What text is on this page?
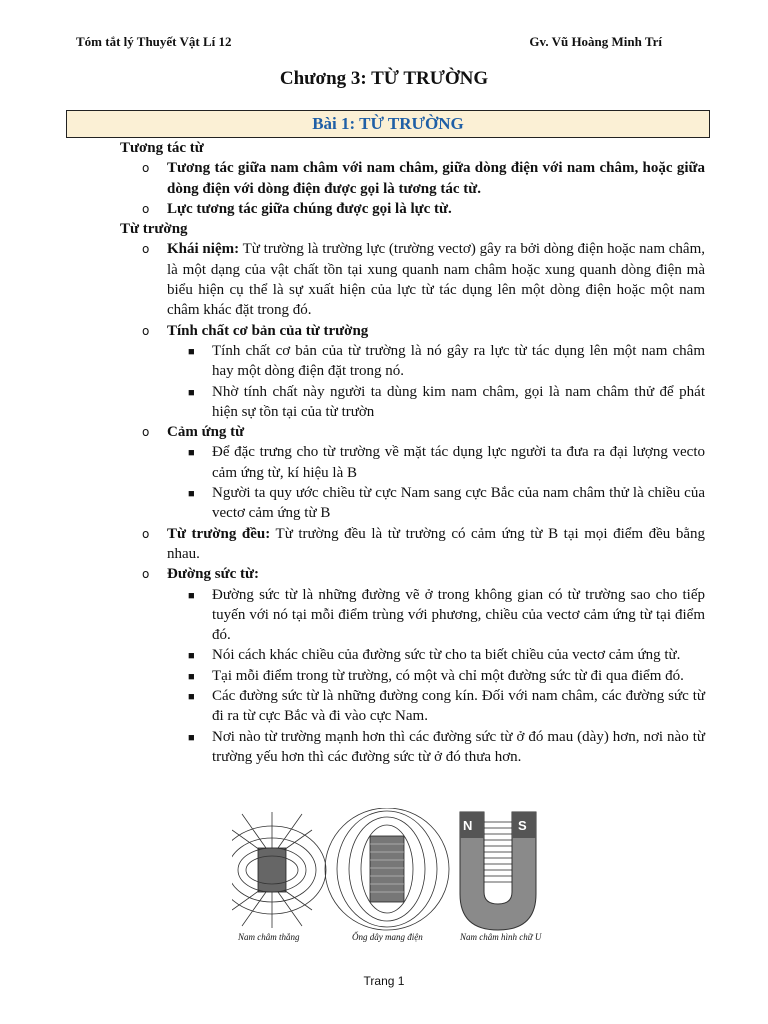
Tóm tắt lý Thuyết Vật Lí 12	Gv. Vũ Hoàng Minh Trí
Chương 3: TỪ TRƯỜNG
Bài 1: TỪ TRƯỜNG
Tương tác từ
o Tương tác giữa nam châm với nam châm, giữa dòng điện với nam châm, hoặc giữa dòng điện với dòng điện được gọi là tương tác từ.
o Lực tương tác giữa chúng được gọi là lực từ.
Từ trường
o Khái niệm: Từ trường là trường lực (trường vectơ) gây ra bởi dòng điện hoặc nam châm, là một dạng của vật chất tồn tại xung quanh nam châm hoặc xung quanh dòng điện mà biểu hiện cụ thể là sự xuất hiện của lực từ tác dụng lên một dòng điện hoặc một nam châm khác đặt trong đó.
o Tính chất cơ bản của từ trường
■ Tính chất cơ bản của từ trường là nó gây ra lực từ tác dụng lên một nam châm hay một dòng điện đặt trong nó.
■ Nhờ tính chất này người ta dùng kim nam châm, gọi là nam châm thử để phát hiện sự tồn tại của từ trườn
o Cảm ứng từ
■ Để đặc trưng cho từ trường về mặt tác dụng lực người ta đưa ra đại lượng vecto cảm ứng từ, kí hiệu là B
■ Người ta quy ước chiều từ cực Nam sang cực Bắc của nam châm thử là chiều của vectơ cảm ứng từ B
o Từ trường đều: Từ trường đều là từ trường có cảm ứng từ B tại mọi điểm đều bằng nhau.
o Đường sức từ:
■ Đường sức từ là những đường vẽ ở trong không gian có từ trường sao cho tiếp tuyến với nó tại mỗi điểm trùng với phương, chiều của vectơ cảm ứng từ tại điểm đó.
■ Nói cách khác chiều của đường sức từ cho ta biết chiều của vectơ cảm ứng từ.
■ Tại mỗi điểm trong từ trường, có một và chỉ một đường sức từ đi qua điểm đó.
■ Các đường sức từ là những đường cong kín. Đối với nam châm, các đường sức từ đi ra từ cực Bắc và đi vào cực Nam.
■ Nơi nào từ trường mạnh hơn thì các đường sức từ ở đó mau (dày) hơn, nơi nào từ trường yếu hơn thì các đường sức từ ở đó thưa hơn.
N	S
Nam châm thẳng	Ống dây mang điện	Nam châm hình chữ U
Trang 1
